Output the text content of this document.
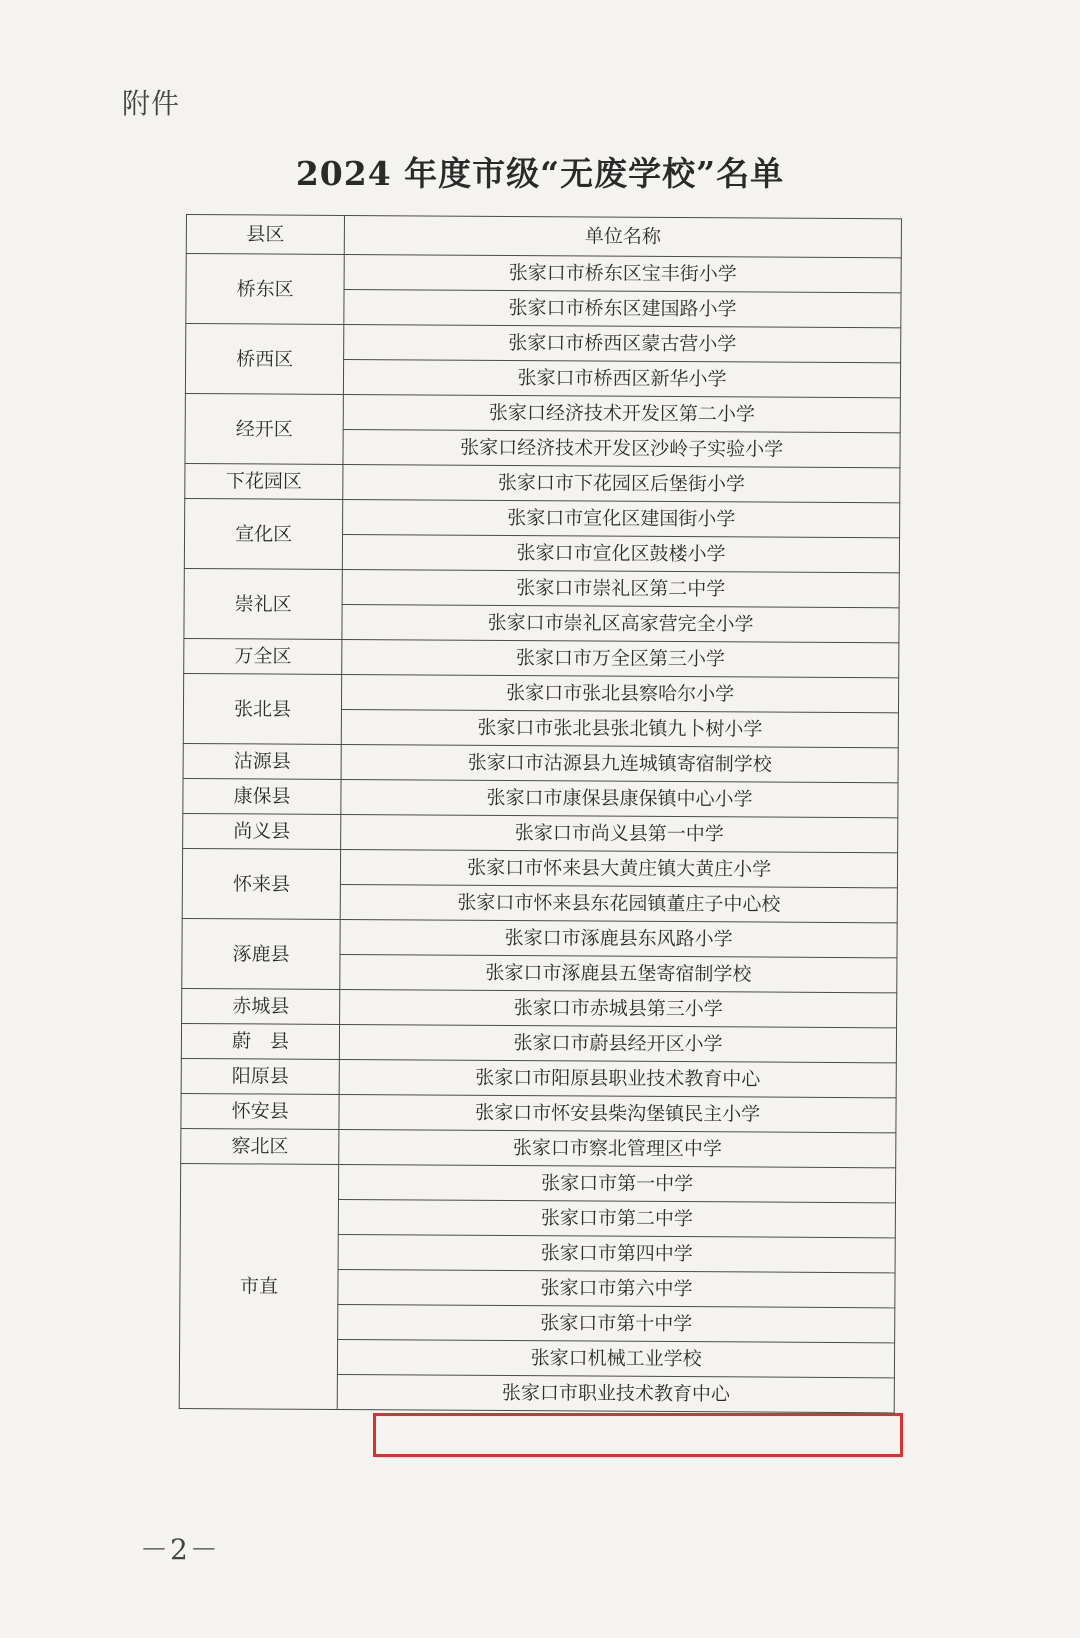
附件
2024 年度市级“无废学校”名单
县区	单位名称
桥东区	张家口市桥东区宝丰街小学
	张家口市桥东区建国路小学
桥西区	张家口市桥西区蒙古营小学
	张家口市桥西区新华小学
经开区	张家口经济技术开发区第二小学
	张家口经济技术开发区沙岭子实验小学
下花园区	张家口市下花园区后堡街小学
宣化区	张家口市宣化区建国街小学
	张家口市宣化区鼓楼小学
崇礼区	张家口市崇礼区第二中学
	张家口市崇礼区高家营完全小学
万全区	张家口市万全区第三小学
张北县	张家口市张北县察哈尔小学
	张家口市张北县张北镇九卜树小学
沽源县	张家口市沽源县九连城镇寄宿制学校
康保县	张家口市康保县康保镇中心小学
尚义县	张家口市尚义县第一中学
怀来县	张家口市怀来县大黄庄镇大黄庄小学
	张家口市怀来县东花园镇董庄子中心校
涿鹿县	张家口市涿鹿县东风路小学
	张家口市涿鹿县五堡寄宿制学校
赤城县	张家口市赤城县第三小学
蔚　县	张家口市蔚县经开区小学
阳原县	张家口市阳原县职业技术教育中心
怀安县	张家口市怀安县柴沟堡镇民主小学
察北区	张家口市察北管理区中学
市直	张家口市第一中学
	张家口市第二中学
	张家口市第四中学
	张家口市第六中学
	张家口市第十中学
	张家口机械工业学校
	张家口市职业技术教育中心
－2－
